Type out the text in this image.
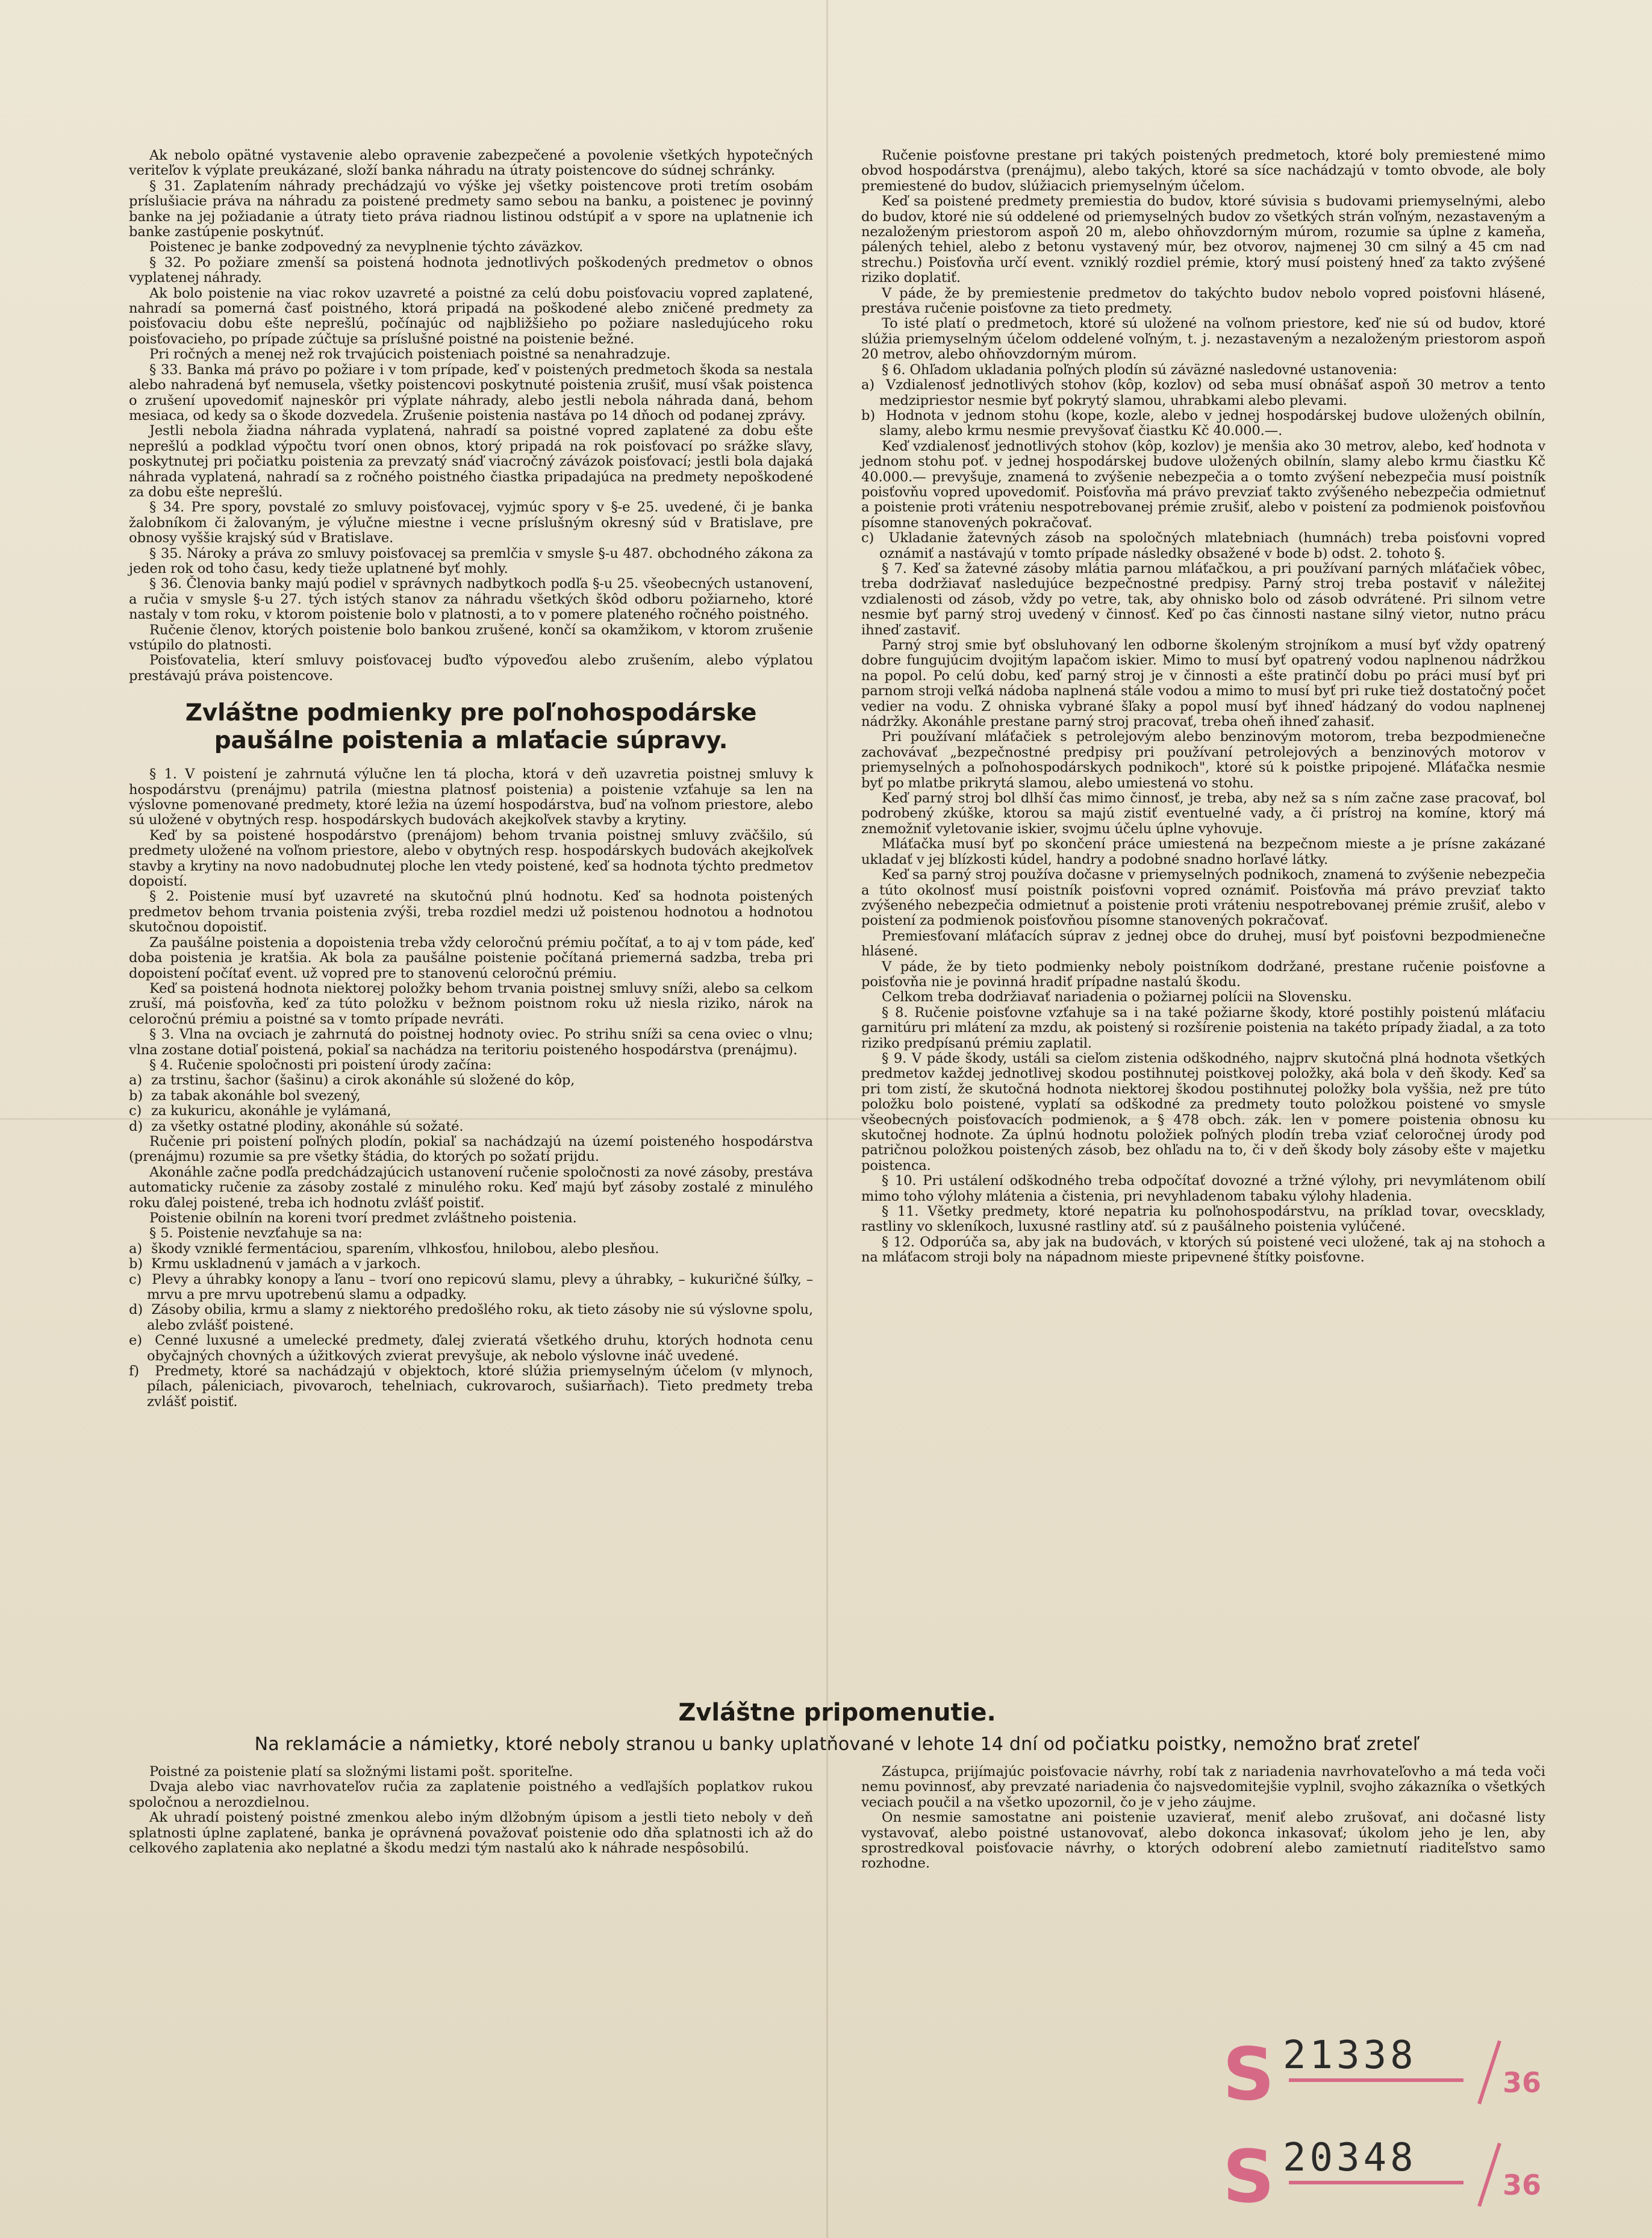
Ak nebolo opätné vystavenie alebo opravenie zabezpečené a povolenie všetkých hypotečných veriteľov k výplate preukázané, složí banka náhradu na útraty poistencove do súdnej schránky.

§ 31. Zaplatením náhrady prechádzajú vo výške jej všetky poistencove proti tretím osobám príslušiacie práva na náhradu za poistené predmety samo sebou na banku, a poistenec je povinný banke na jej požiadanie a útraty tieto práva riadnou listinou odstúpiť a v spore na uplatnenie ich banke zastúpenie poskytnúť.

Poistenec je banke zodpovedný za nevyplnenie týchto záväzkov.

§ 32. Po požiare zmenší sa poistená hodnota jednotlivých poškodených predmetov o obnos vyplatenej náhrady.

Ak bolo poistenie na viac rokov uzavreté a poistné za celú dobu poisťovaciu vopred zaplatené, nahradí sa pomerná časť poistného, ktorá pripadá na poškodené alebo zničené predmety za poisťovaciu dobu ešte neprešlú, počínajúc od najbližšieho po požiare nasledujúceho roku poisťovacieho, po prípade zúčtuje sa príslušné poistné na poistenie bežné.

Pri ročných a menej než rok trvajúcich poisteniach poistné sa nenahradzuje.

§ 33. Banka má právo po požiare i v tom prípade, keď v poistených predmetoch škoda sa nestala alebo nahradená byť nemusela, všetky poistencovi poskytnuté poistenia zrušiť, musí však poistenca o zrušení upovedomiť najneskôr pri výplate náhrady, alebo jestli nebola náhrada daná, behom mesiaca, od kedy sa o škode dozvedela. Zrušenie poistenia nastáva po 14 dňoch od podanej zprávy.

Jestli nebola žiadna náhrada vyplatená, nahradí sa poistné vopred zaplatené za dobu ešte neprešlú a podklad výpočtu tvorí onen obnos, ktorý pripadá na rok poisťovací po srážke sľavy, poskytnutej pri počiatku poistenia za prevzatý snáď viacročný závázok poisťovací; jestli bola dajaká náhrada vyplatená, nahradí sa z ročného poistného čiastka pripadajúca na predmety nepoškodené za dobu ešte neprešlú.

§ 34. Pre spory, povstalé zo smluvy poisťovacej, vyjmúc spory v §-e 25. uvedené, či je banka žalobníkom či žalovaným, je výlučne miestne i vecne príslušným okresný súd v Bratislave, pre obnosy vyššie krajský súd v Bratislave.

§ 35. Nároky a práva zo smluvy poisťovacej sa premlčia v smysle §-u 487. obchodného zákona za jeden rok od toho času, kedy tieže uplatnené byť mohly.

§ 36. Členovia banky majú podiel v správnych nadbytkoch podľa §-u 25. všeobecných ustanovení, a ručia v smysle §-u 27. tých istých stanov za náhradu všetkých škôd odboru požiarneho, ktoré nastaly v tom roku, v ktorom poistenie bolo v platnosti, a to v pomere plateného ročného poistného.

Ručenie členov, ktorých poistenie bolo bankou zrušené, končí sa okamžikom, v ktorom zrušenie vstúpilo do platnosti.

Poisťovatelia, kterí smluvy poisťovacej buďto výpoveďou alebo zrušením, alebo výplatou prestávajú práva poistencove.

Zvláštne podmienky pre poľnohospodárske paušálne poistenia a mlaťacie súpravy.

§ 1. V poistení je zahrnutá výlučne len tá plocha, ktorá v deň uzavretia poistnej smluvy k hospodárstvu (prenájmu) patrila (miestna platnosť poistenia) a poistenie vzťahuje sa len na výslovne pomenované predmety, ktoré ležia na území hospodárstva, buď na voľnom priestore, alebo sú uložené v obytných resp. hospodárskych budovách akejkoľvek stavby a krytiny.

Keď by sa poistené hospodárstvo (prenájom) behom trvania poistnej smluvy zväčšilo, sú predmety uložené na voľnom priestore, alebo v obytných resp. hospodárskych budovách akejkoľvek stavby a krytiny na novo nadobudnutej ploche len vtedy poistené, keď sa hodnota týchto predmetov dopoistí.

§ 2. Poistenie musí byť uzavreté na skutočnú plnú hodnotu. Keď sa hodnota poistených predmetov behom trvania poistenia zvýši, treba rozdiel medzi už poistenou hodnotou a hodnotou skutočnou dopoistiť.

Za paušálne poistenia a dopoistenia treba vždy celoročnú prémiu počítať, a to aj v tom páde, keď doba poistenia je kratšia. Ak bola za paušálne poistenie počítaná priemerná sadzba, treba pri dopoistení počítať event. už vopred pre to stanovenú celoročnú prémiu.

Keď sa poistená hodnota niektorej položky behom trvania poistnej smluvy sníži, alebo sa celkom zruší, má poisťovňa, keď za túto položku v bežnom poistnom roku už niesla riziko, nárok na celoročnú prémiu a poistné sa v tomto prípade nevráti.

§ 3. Vlna na ovciach je zahrnutá do poistnej hodnoty oviec. Po strihu sníži sa cena oviec o vlnu; vlna zostane dotiaľ poistená, pokiaľ sa nachádza na teritoriu poisteného hospodárstva (prenájmu).

§ 4. Ručenie spoločnosti pri poistení úrody začína:

a) za trstinu, šachor (šašinu) a cirok akonáhle sú složené do kôp,

b) za tabak akonáhle bol svezený,

c) za kukuricu, akonáhle je vylámaná,

d) za všetky ostatné plodiny, akonáhle sú sožaté.

Ručenie pri poistení poľných plodín, pokiaľ sa nachádzajú na území poisteného hospodárstva (prenájmu) rozumie sa pre všetky štádia, do ktorých po sožatí prijdu.

Akonáhle začne podľa predchádzajúcich ustanovení ručenie spoločnosti za nové zásoby, prestáva automaticky ručenie za zásoby zostalé z minulého roku. Keď majú byť zásoby zostalé z minulého roku ďalej poistené, treba ich hodnotu zvlášť poistiť.

Poistenie obilnín na koreni tvorí predmet zvláštneho poistenia.

§ 5. Poistenie nevzťahuje sa na:

a) škody vzniklé fermentáciou, sparením, vlhkosťou, hnilobou, alebo plesňou.

b) Krmu uskladnenú v jamách a v jarkoch.

c) Plevy a úhrabky konopy a ľanu – tvorí ono repicovú slamu, plevy a úhrabky, – kukuričné šúľky, – mrvu a pre mrvu upotrebenú slamu a odpadky.

d) Zásoby obilia, krmu a slamy z niektorého predošlého roku, ak tieto zásoby nie sú výslovne spolu, alebo zvlášť poistené.

e) Cenné luxusné a umelecké predmety, ďalej zvieratá všetkého druhu, ktorých hodnota cenu obyčajných chovných a úžitkových zvierat prevyšuje, ak nebolo výslovne ináč uvedené.

f) Predmety, ktoré sa nachádzajú v objektoch, ktoré slúžia priemyselným účelom (v mlynoch, pílach, páleniciach, pivovaroch, tehelniach, cukrovaroch, sušiarňach). Tieto predmety treba zvlášť poistiť.

Ručenie poisťovne prestane pri takých poistených predmetoch, ktoré boly premiestené mimo obvod hospodárstva (prenájmu), alebo takých, ktoré sa síce nachádzajú v tomto obvode, ale boly premiestené do budov, slúžiacich priemyselným účelom.

Keď sa poistené predmety premiestia do budov, ktoré súvisia s budovami priemyselnými, alebo do budov, ktoré nie sú oddelené od priemyselných budov zo všetkých strán voľným, nezastaveným a nezaloženým priestorom aspoň 20 m, alebo ohňovzdorným múrom, rozumie sa úplne z kameňa, pálených tehiel, alebo z betonu vystavený múr, bez otvorov, najmenej 30 cm silný a 45 cm nad strechu.) Poisťovňa určí event. vzniklý rozdiel prémie, ktorý musí poistený hneď za takto zvýšené riziko doplatiť.

V páde, že by premiestenie predmetov do takýchto budov nebolo vopred poisťovni hlásené, prestáva ručenie poisťovne za tieto predmety.

To isté platí o predmetoch, ktoré sú uložené na voľnom priestore, keď nie sú od budov, ktoré slúžia priemyselným účelom oddelené voľným, t. j. nezastaveným a nezaloženým priestorom aspoň 20 metrov, alebo ohňovzdorným múrom.

§ 6. Ohľadom ukladania poľných plodín sú záväzné nasledovné ustanovenia:

a) Vzdialenosť jednotlivých stohov (kôp, kozlov) od seba musí obnášať aspoň 30 metrov a tento medzipriestor nesmie byť pokrytý slamou, uhrabkami alebo plevami.

b) Hodnota v jednom stohu (kope, kozle, alebo v jednej hospodárskej budove uložených obilnín, slamy, alebo krmu nesmie prevyšovať čiastku Kč 40.000.—.

Keď vzdialenosť jednotlivých stohov (kôp, kozlov) je menšia ako 30 metrov, alebo, keď hodnota v jednom stohu poť. v jednej hospodárskej budove uložených obilnín, slamy alebo krmu čiastku Kč 40.000.— prevyšuje, znamená to zvýšenie nebezpečia a o tomto zvýšení nebezpečia musí poistník poisťovňu vopred upovedomiť. Poisťovňa má právo prevziať takto zvýšeného nebezpečia odmietnuť a poistenie proti vráteniu nespotrebovanej prémie zrušiť, alebo v poistení za podmienok poisťovňou písomne stanovených pokračovať.

c) Ukladanie žatevných zásob na spoločných mlatebniach (humnách) treba poisťovni vopred oznámiť a nastávajú v tomto prípade následky obsažené v bode b) odst. 2. tohoto §.

§ 7. Keď sa žatevné zásoby mlátia parnou mláťačkou, a pri používaní parných mláťačiek vôbec, treba dodržiavať nasledujúce bezpečnostné predpisy. Parný stroj treba postaviť v náležitej vzdialenosti od zásob, vždy po vetre, tak, aby ohnisko bolo od zásob odvrátené. Pri silnom vetre nesmie byť parný stroj uvedený v činnosť. Keď po čas činnosti nastane silný vietor, nutno prácu ihneď zastaviť.

Parný stroj smie byť obsluhovaný len odborne školeným strojníkom a musí byť vždy opatrený dobre fungujúcim dvojitým lapačom iskier. Mimo to musí byť opatrený vodou naplnenou nádržkou na popol. Po celú dobu, keď parný stroj je v činnosti a ešte pratinčí dobu po práci musí byť pri parnom stroji veľká nádoba naplnená stále vodou a mimo to musí byť pri ruke tiež dostatočný počet vedier na vodu. Z ohniska vybrané šľaky a popol musí byť ihneď hádzaný do vodou naplnenej nádržky. Akonáhle prestane parný stroj pracovať, treba oheň ihneď zahasiť.

Pri používaní mláťačiek s petrolejovým alebo benzinovým motorom, treba bezpodmienečne zachovávať „bezpečnostné predpisy pri používaní petrolejových a benzinových motorov v priemyselných a poľnohospodárskych podnikoch", ktoré sú k poistke pripojené. Mláťačka nesmie byť po mlatbe prikrytá slamou, alebo umiestená vo stohu.

Keď parný stroj bol dlhší čas mimo činnosť, je treba, aby než sa s ním začne zase pracovať, bol podrobený zkúške, ktorou sa majú zistiť eventuelné vady, a či prístroj na komíne, ktorý má znemožniť vyletovanie iskier, svojmu účelu úplne vyhovuje.

Mláťačka musí byť po skončení práce umiestená na bezpečnom mieste a je prísne zakázané ukladať v jej blízkosti kúdel, handry a podobné snadno horľavé látky.

Keď sa parný stroj používa dočasne v priemyselných podnikoch, znamená to zvýšenie nebezpečia a túto okolnosť musí poistník poisťovni vopred oznámiť. Poisťovňa má právo prevziať takto zvýšeného nebezpečia odmietnuť a poistenie proti vráteniu nespotrebovanej prémie zrušiť, alebo v poistení za podmienok poisťovňou písomne stanovených pokračovať.

Premiesťovaní mláťacích súprav z jednej obce do druhej, musí byť poisťovni bezpodmienečne hlásené.

V páde, že by tieto podmienky neboly poistníkom dodržané, prestane ručenie poisťovne a poisťovňa nie je povinná hradiť prípadne nastalú škodu.

Celkom treba dodržiavať nariadenia o požiarnej polícii na Slovensku.

§ 8. Ručenie poisťovne vzťahuje sa i na také požiarne škody, ktoré postihly poistenú mláťaciu garnitúru pri mlátení za mzdu, ak poistený si rozšírenie poistenia na takéto prípady žiadal, a za toto riziko predpísanú prémiu zaplatil.

§ 9. V páde škody, ustáli sa cieľom zistenia odškodného, najprv skutočná plná hodnota všetkých predmetov každej jednotlivej skodou postihnutej poistkovej položky, aká bola v deň škody. Keď sa pri tom zistí, že skutočná hodnota niektorej škodou postihnutej položky bola vyššia, než pre túto položku bolo poistené, vyplatí sa odškodné za predmety touto položkou poistené vo smysle všeobecných poisťovacích podmienok, a § 478 obch. zák. len v pomere poistenia obnosu ku skutočnej hodnote. Za úplnú hodnotu položiek poľných plodín treba vziať celoročnej úrody pod patričnou položkou poistených zásob, bez ohľadu na to, či v deň škody boly zásoby ešte v majetku poistenca.

§ 10. Pri ustálení odškodného treba odpočítať dovozné a tržné výlohy, pri nevymlátenom obilí mimo toho výlohy mlátenia a čistenia, pri nevyhladenom tabaku výlohy hladenia.

§ 11. Všetky predmety, ktoré nepatria ku poľnohospodárstvu, na príklad tovar, ovecsklady, rastliny vo skleníkoch, luxusné rastliny atď. sú z paušálneho poistenia vylúčené.

§ 12. Odporúča sa, aby jak na budovách, v ktorých sú poistené veci uložené, tak aj na stohoch a na mláťacom stroji boly na nápadnom mieste pripevnené štítky poisťovne.

Zvláštne pripomenutie.
Na reklamácie a námietky, ktoré neboly stranou u banky uplatňované v lehote 14 dní od počiatku poistky, nemožno brať zreteľ

Poistné za poistenie platí sa složnými listami pošt. sporiteľne.

Dvaja alebo viac navrhovateľov ručia za zaplatenie poistného a vedľajších poplatkov rukou spoločnou a nerozdielnou.

Ak uhradí poistený poistné zmenkou alebo iným dlžobným úpisom a jestli tieto neboly v deň splatnosti úplne zaplatené, banka je oprávnená považovať poistenie odo dňa splatnosti ich až do celkového zaplatenia ako neplatné a škodu medzi tým nastalú ako k náhrade nespôsobilú.

Zástupca, prijímajúc poisťovacie návrhy, robí tak z nariadenia navrhovateľovho a má teda voči nemu povinnosť, aby prevzaté nariadenia čo najsvedomitejšie vyplnil, svojho zákazníka o všetkých veciach poučil a na všetko upozornil, čo je v jeho záujme.

On nesmie samostatne ani poistenie uzavierať, meniť alebo zrušovať, ani dočasné listy vystavovať, alebo poistné ustanovovať, alebo dokonca inkasovať; úkolom jeho je len, aby sprostredkoval poisťovacie návrhy, o ktorých odobrení alebo zamietnutí riaditeľstvo samo rozhodne.

S 21338
36
S 20348
36
